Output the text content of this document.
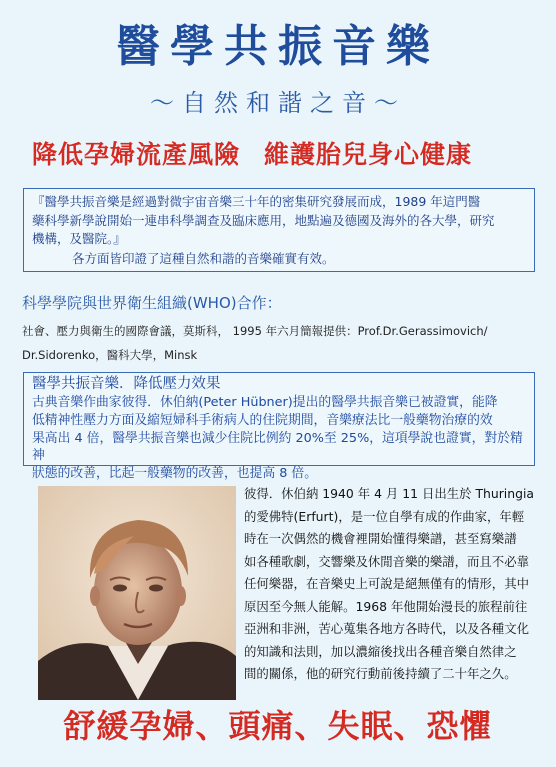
醫學共振音樂
～自然和諧之音～
降低孕婦流產風險 維護胎兒身心健康
『醫學共振音樂是經過對微宇宙音樂三十年的密集研究發展而成，1989 年這門醫
藥科學新學說開始一連串科學調查及臨床應用，地點遍及德國及海外的各大學，研究
機構，及醫院。』
各方面皆印證了這種自然和諧的音樂確實有效。
科學學院與世界衛生組織(WHO)合作：
社會、壓力與衛生的國際會議，莫斯科， 1995 年六月簡報提供：Prof.Dr.Gerassimovich/
Dr.Sidorenko，醫科大學，Minsk
醫學共振音樂．降低壓力效果
古典音樂作曲家彼得．休伯納(Peter Hübner)提出的醫學共振音樂已被證實，能降
低精神性壓力方面及縮短婦科手術病人的住院期間，音樂療法比一般藥物治療的效
果高出 4 倍，醫學共振音樂也減少住院比例約 20%至 25%，這項學說也證實，對於精神
狀態的改善，比起一般藥物的改善，也提高 8 倍。
彼得．休伯納 1940 年 4 月 11 日出生於 Thuringia
的愛佛特(Erfurt)，是一位自學有成的作曲家，年輕
時在一次偶然的機會裡開始懂得樂譜，甚至寫樂譜
如各種歌劇，交響樂及休閒音樂的樂譜，而且不必靠
任何樂器，在音樂史上可說是絕無僅有的情形，其中
原因至今無人能解。1968 年他開始漫長的旅程前往
亞洲和非洲，苦心蒐集各地方各時代，以及各種文化
的知識和法則，加以濃縮後找出各種音樂自然律之
間的關係，他的研究行動前後持續了二十年之久。
舒緩孕婦、頭痛、失眠、恐懼
